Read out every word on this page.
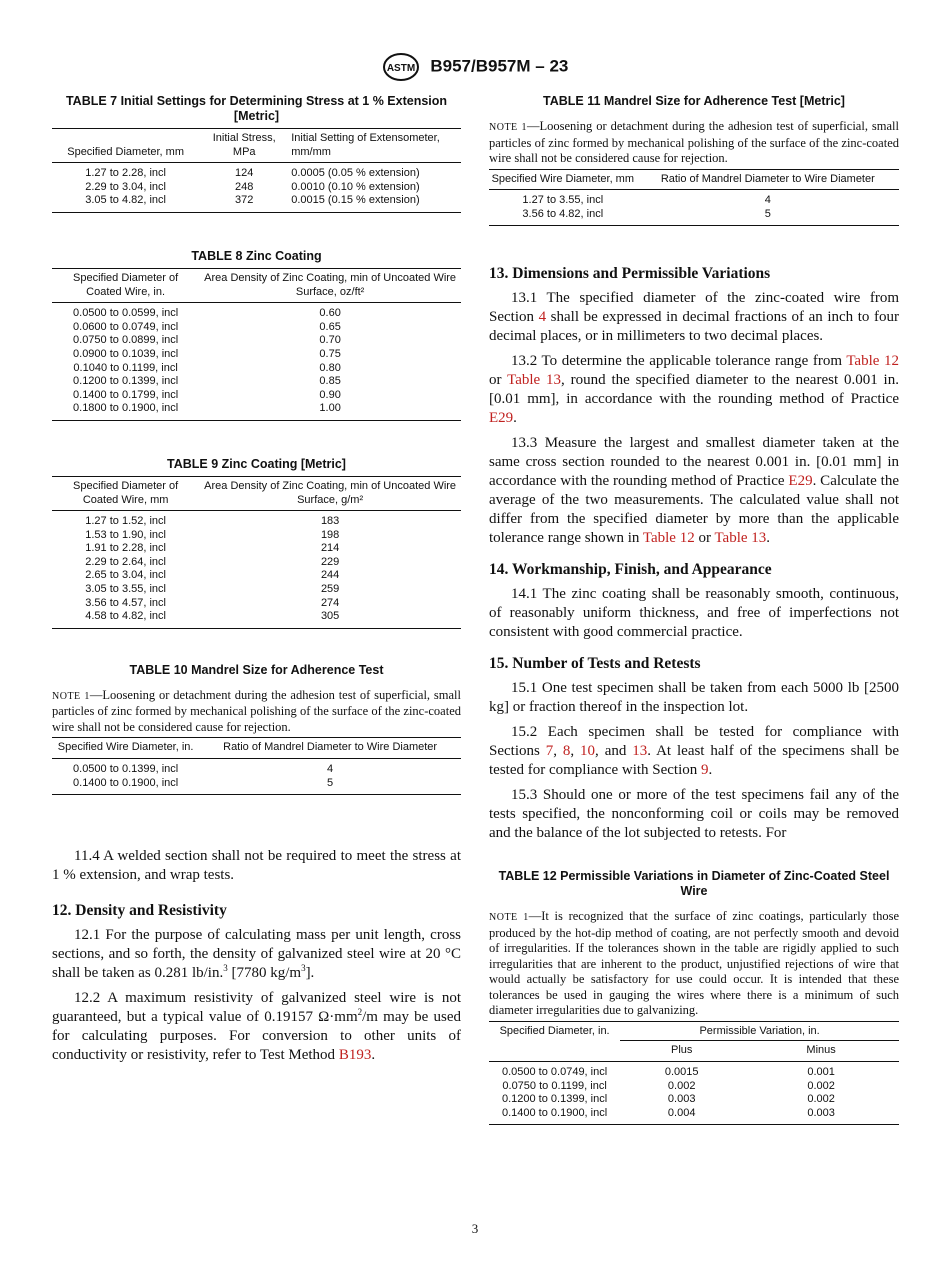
ASTM B957/B957M – 23
TABLE 7 Initial Settings for Determining Stress at 1 % Extension [Metric]
Specified Diameter, mm	Initial Stress, MPa	Initial Setting of Extensometer, mm/mm
1.27 to 2.28, incl	124	0.0005 (0.05 % extension)
2.29 to 3.04, incl	248	0.0010 (0.10 % extension)
3.05 to 4.82, incl	372	0.0015 (0.15 % extension)
TABLE 8 Zinc Coating
Specified Diameter of Coated Wire, in.	Area Density of Zinc Coating, min of Uncoated Wire Surface, oz/ft²
0.0500 to 0.0599, incl	0.60
0.0600 to 0.0749, incl	0.65
0.0750 to 0.0899, incl	0.70
0.0900 to 0.1039, incl	0.75
0.1040 to 0.1199, incl	0.80
0.1200 to 0.1399, incl	0.85
0.1400 to 0.1799, incl	0.90
0.1800 to 0.1900, incl	1.00
TABLE 9 Zinc Coating [Metric]
Specified Diameter of Coated Wire, mm	Area Density of Zinc Coating, min of Uncoated Wire Surface, g/m²
1.27 to 1.52, incl	183
1.53 to 1.90, incl	198
1.91 to 2.28, incl	214
2.29 to 2.64, incl	229
2.65 to 3.04, incl	244
3.05 to 3.55, incl	259
3.56 to 4.57, incl	274
4.58 to 4.82, incl	305
TABLE 10 Mandrel Size for Adherence Test
NOTE 1—Loosening or detachment during the adhesion test of superficial, small particles of zinc formed by mechanical polishing of the surface of the zinc-coated wire shall not be considered cause for rejection.
Specified Wire Diameter, in.	Ratio of Mandrel Diameter to Wire Diameter
0.0500 to 0.1399, incl	4
0.1400 to 0.1900, incl	5
11.4 A welded section shall not be required to meet the stress at 1 % extension, and wrap tests.
12. Density and Resistivity
12.1 For the purpose of calculating mass per unit length, cross sections, and so forth, the density of galvanized steel wire at 20 °C shall be taken as 0.281 lb/in.$^3$ [7780 $kg/m^3$].
12.2 A maximum resistivity of galvanized steel wire is not guaranteed, but a typical value of 0.19157 $\Omega\cdot mm^2/m$ may be used for calculating purposes. For conversion to other units of conductivity or resistivity, refer to Test Method B193.
TABLE 11 Mandrel Size for Adherence Test [Metric]
NOTE 1—Loosening or detachment during the adhesion test of superficial, small particles of zinc formed by mechanical polishing of the surface of the zinc-coated wire shall not be considered cause for rejection.
Specified Wire Diameter, mm	Ratio of Mandrel Diameter to Wire Diameter
1.27 to 3.55, incl	4
3.56 to 4.82, incl	5
13. Dimensions and Permissible Variations
13.1 The specified diameter of the zinc-coated wire from Section 4 shall be expressed in decimal fractions of an inch to four decimal places, or in millimeters to two decimal places.
13.2 To determine the applicable tolerance range from Table 12 or Table 13, round the specified diameter to the nearest 0.001 in. [0.01 mm], in accordance with the rounding method of Practice E29.
13.3 Measure the largest and smallest diameter taken at the same cross section rounded to the nearest 0.001 in. [0.01 mm] in accordance with the rounding method of Practice E29. Calculate the average of the two measurements. The calculated value shall not differ from the specified diameter by more than the applicable tolerance range shown in Table 12 or Table 13.
14. Workmanship, Finish, and Appearance
14.1 The zinc coating shall be reasonably smooth, continuous, of reasonably uniform thickness, and free of imperfections not consistent with good commercial practice.
15. Number of Tests and Retests
15.1 One test specimen shall be taken from each 5000 lb [2500 kg] or fraction thereof in the inspection lot.
15.2 Each specimen shall be tested for compliance with Sections 7, 8, 10, and 13. At least half of the specimens shall be tested for compliance with Section 9.
15.3 Should one or more of the test specimens fail any of the tests specified, the nonconforming coil or coils may be removed and the balance of the lot subjected to retests. For
TABLE 12 Permissible Variations in Diameter of Zinc-Coated Steel Wire
NOTE 1—It is recognized that the surface of zinc coatings, particularly those produced by the hot-dip method of coating, are not perfectly smooth and devoid of irregularities. If the tolerances shown in the table are rigidly applied to such irregularities that are inherent to the product, unjustified rejections of wire that would actually be satisfactory for use could occur. It is intended that these tolerances be used in gauging the wires where there is a minimum of such diameter irregularities due to galvanizing.
Specified Diameter, in.	Permissible Variation, in.	
	Plus	Minus
0.0500 to 0.0749, incl	0.0015	0.001
0.0750 to 0.1199, incl	0.002	0.002
0.1200 to 0.1399, incl	0.003	0.002
0.1400 to 0.1900, incl	0.004	0.003
3
